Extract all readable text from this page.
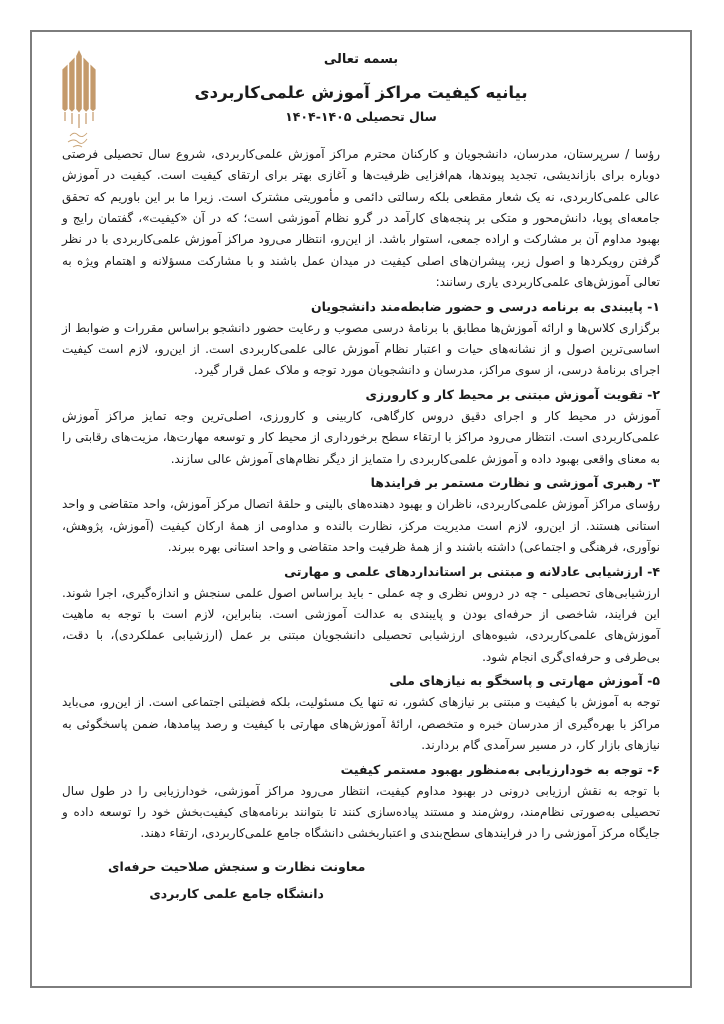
بسمه تعالی

بیانیه کیفیت مراکز آموزش علمی‌کاربردی

سال تحصیلی ۱۴۰۵-۱۴۰۴

رؤسا / سرپرستان، مدرسان، دانشجویان و کارکنان محترم مراکز آموزش علمی‌کاربردی، شروع سال تحصیلی فرصتی دوباره برای بازاندیشی، تجدید پیوندها، هم‌افزایی ظرفیت‌ها و آغازی بهتر برای ارتقای کیفیت است. کیفیت در آموزش عالی علمی‌کاربردی، نه یک شعار مقطعی بلکه رسالتی دائمی و مأموریتی مشترک است. زیرا ما بر این باوریم که تحقق جامعه‌ای پویا، دانش‌محور و متکی بر پنجه‌های کارآمد در گرو نظام آموزشی است؛ که در آن «کیفیت»، گفتمان رایج و بهبود مداوم آن بر مشارکت و اراده جمعی، استوار باشد. از این‌رو، انتظار می‌رود مراکز آموزش علمی‌کاربردی با در نظر گرفتن رویکردها و اصول زیر، پیشران‌های اصلی کیفیت در میدان عمل باشند و با مشارکت مسؤلانه و اهتمام ویژه به تعالی آموزش‌های علمی‌کاربردی یاری رسانند:

۱- پایبندی به برنامه درسی و حضور ضابطه‌مند دانشجویان

برگزاری کلاس‌ها و ارائه آموزش‌ها مطابق با برنامهٔ درسی مصوب و رعایت حضور دانشجو براساس مقررات و ضوابط از اساسی‌ترین اصول و از نشانه‌های حیات و اعتبار نظام آموزش عالی علمی‌کاربردی است. از این‌رو، لازم است کیفیت اجرای برنامهٔ درسی، از سوی مراکز، مدرسان و دانشجویان مورد توجه و ملاک عمل قرار گیرد.

۲- تقویت آموزش مبتنی بر محیط کار و کارورزی

آموزش در محیط کار و اجرای دقیق دروس کارگاهی، کاربینی و کارورزی، اصلی‌ترین وجه تمایز مراکز آموزش علمی‌کاربردی است. انتظار می‌رود مراکز با ارتقاء سطح برخورداری از محیط کار و توسعه مهارت‌ها، مزیت‌های رقابتی را به معنای واقعی بهبود داده و آموزش علمی‌کاربردی را متمایز از دیگر نظام‌های آموزش عالی سازند.

۳- رهبری آموزشی و نظارت مستمر بر فرایندها

رؤسای مراکز آموزش علمی‌کاربردی، ناظران و بهبود دهنده‌های بالینی و حلقهٔ اتصال مرکز آموزش، واحد متقاضی و واحد استانی هستند. از این‌رو، لازم است مدیریت مرکز، نظارت بالنده و مداومی از همهٔ ارکان کیفیت (آموزش، پژوهش، نوآوری، فرهنگی و اجتماعی) داشته باشند و از همهٔ ظرفیت واحد متقاضی و واحد استانی بهره ببرند.

۴- ارزشیابی عادلانه و مبتنی بر استانداردهای علمی و مهارتی

ارزشیابی‌های تحصیلی - چه در دروس نظری و چه عملی - باید براساس اصول علمی سنجش و اندازه‌گیری، اجرا شوند. این فرایند، شاخصی از حرفه‌ای بودن و پایبندی به عدالت آموزشی است. بنابراین، لازم است با توجه به ماهیت آموزش‌های علمی‌کاربردی، شیوه‌های ارزشیابی تحصیلی دانشجویان مبتنی بر عمل (ارزشیابی عملکردی)، با دقت، بی‌طرفی و حرفه‌ای‌گری انجام شود.

۵- آموزش مهارتی و پاسخگو به نیازهای ملی

توجه به آموزش با کیفیت و مبتنی بر نیازهای کشور، نه تنها یک مسئولیت، بلکه فضیلتی اجتماعی است. از این‌رو، می‌باید مراکز با بهره‌گیری از مدرسان خبره و متخصص، ارائهٔ آموزش‌های مهارتی با کیفیت و رصد پیامدها، ضمن پاسخگوئی به نیازهای بازار کار، در مسیر سرآمدی گام بردارند.

۶- توجه به خودارزیابی به‌منظور بهبود مستمر کیفیت

با توجه به نقش ارزیابی درونی در بهبود مداوم کیفیت، انتظار می‌رود مراکز آموزشی، خودارزیابی را در طول سال تحصیلی به‌صورتی نظام‌مند، روش‌مند و مستند پیاده‌سازی کنند تا بتوانند برنامه‌های کیفیت‌بخش خود را توسعه داده و جایگاه مرکز آموزشی را در فرایندهای سطح‌بندی و اعتباربخشی دانشگاه جامع علمی‌کاربردی، ارتقاء دهند.

معاونت نظارت و سنجش صلاحیت حرفه‌ای
دانشگاه جامع علمی کاربردی
